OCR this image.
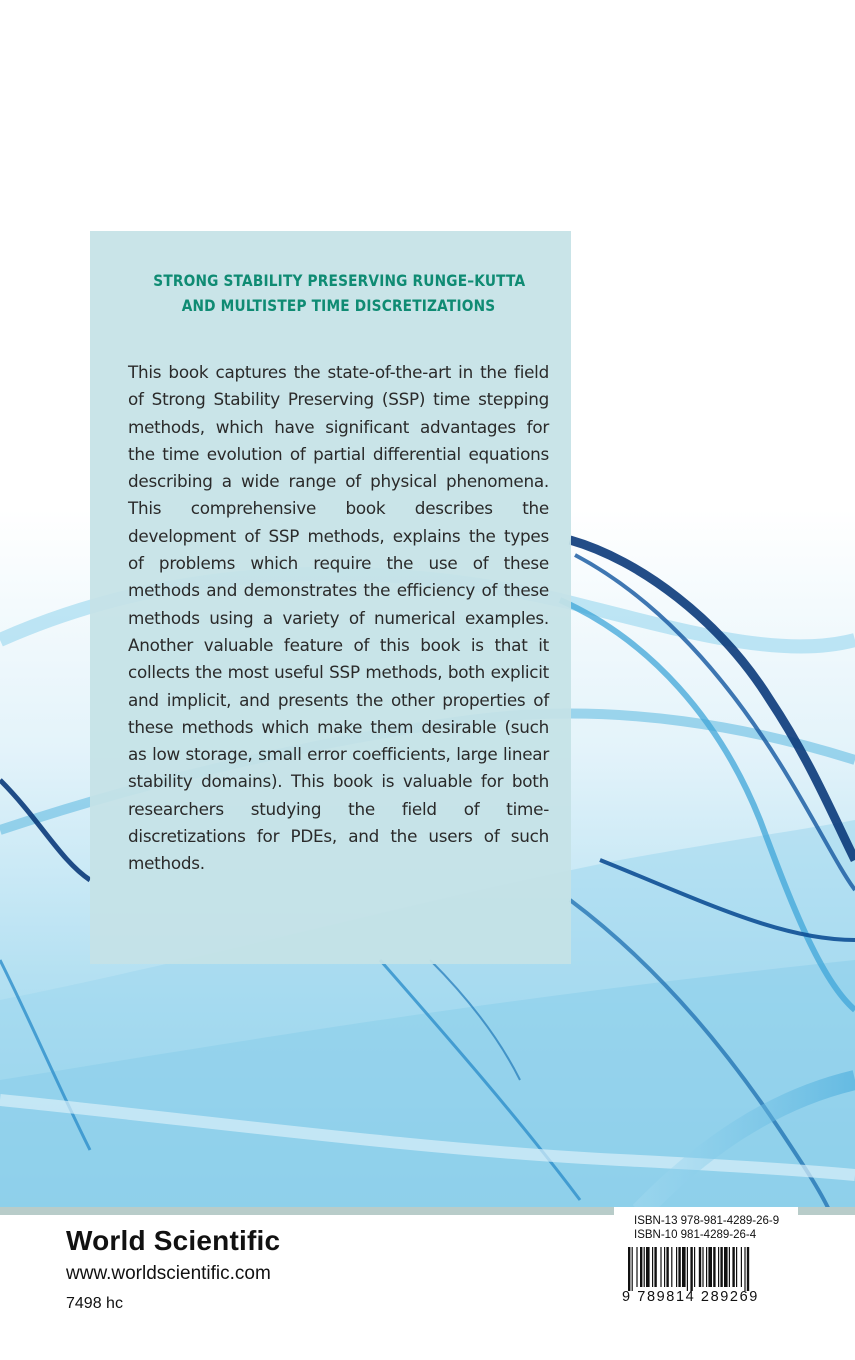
STRONG STABILITY PRESERVING RUNGE–KUTTA
AND MULTISTEP TIME DISCRETIZATIONS

This book captures the state-of-the-art in the field of Strong Stability Preserving (SSP) time stepping methods, which have significant advantages for the time evolution of partial differential equations describing a wide range of physical phenomena. This comprehensive book describes the development of SSP methods, explains the types of problems which require the use of these methods and demonstrates the efficiency of these methods using a variety of numerical examples. Another valuable feature of this book is that it collects the most useful SSP methods, both explicit and implicit, and presents the other properties of these methods which make them desirable (such as low storage, small error coefficients, large linear stability domains). This book is valuable for both researchers studying the field of time-discretizations for PDEs, and the users of such methods.

World Scientific
www.worldscientific.com
7498 hc
ISBN-13 978-981-4289-26-9
ISBN-10 981-4289-26-4
9 789814 289269
